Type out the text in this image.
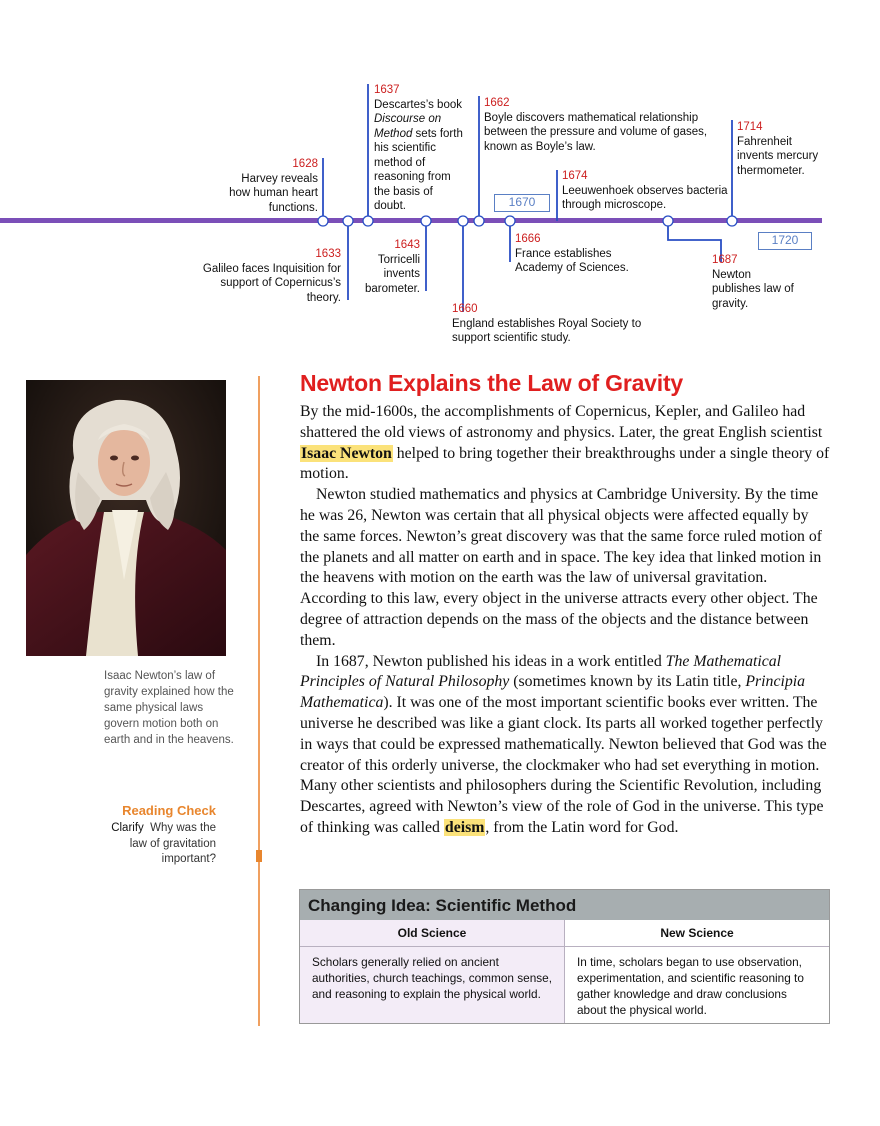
1670
1720
1628
Harvey reveals how human heart functions.
1633
Galileo faces Inquisition for support of Copernicus’s theory.
1637
Descartes’s book Discourse on Method sets forth his scientific method of reasoning from the basis of doubt.
1643
Torricelli invents barometer.
1660
England establishes Royal Society to support scientific study.
1662
Boyle discovers mathematical relationship between the pressure and volume of gases, known as Boyle’s law.
1666
France establishes Academy of Sciences.
1674
Leeuwenhoek observes bacteria through microscope.
1687
Newton publishes law of gravity.
1714
Fahrenheit invents mercury thermometer.
Isaac Newton’s law of gravity explained how the same physical laws govern motion both on earth and in the heavens.
Reading Check
Clarify Why was the law of gravitation important?
Newton Explains the Law of Gravity

By the mid-1600s, the accomplishments of Copernicus, Kepler, and Galileo had shattered the old views of astronomy and physics. Later, the great English scientist Isaac Newton helped to bring together their breakthroughs under a single theory of motion.

Newton studied mathematics and physics at Cambridge University. By the time he was 26, Newton was certain that all physical objects were affected equally by the same forces. Newton’s great discovery was that the same force ruled motion of the planets and all matter on earth and in space. The key idea that linked motion in the heavens with motion on the earth was the law of universal gravitation. According to this law, every object in the universe attracts every other object. The degree of attraction depends on the mass of the objects and the distance between them.

In 1687, Newton published his ideas in a work entitled The Mathematical Principles of Natural Philosophy (sometimes known by its Latin title, Principia Mathematica). It was one of the most important scientific books ever written. The universe he described was like a giant clock. Its parts all worked together perfectly in ways that could be expressed mathematically. Newton believed that God was the creator of this orderly universe, the clockmaker who had set everything in motion. Many other scientists and philosophers during the Scientific Revolution, including Descartes, agreed with Newton’s view of the role of God in the universe. This type of thinking was called deism, from the Latin word for God.

Changing Idea: Scientific Method
Old Science
Scholars generally relied on ancient authorities, church teachings, common sense, and reasoning to explain the physical world.
New Science
In time, scholars began to use observation, experimentation, and scientific reasoning to gather knowledge and draw conclusions about the physical world.
